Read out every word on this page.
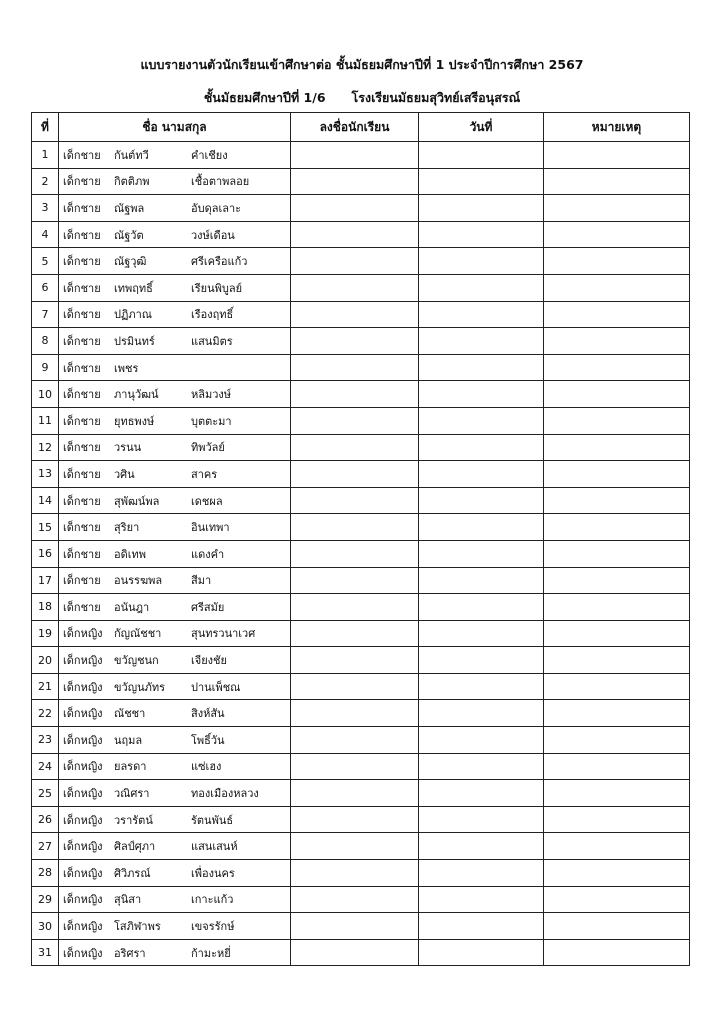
แบบรายงานตัวนักเรียนเข้าศึกษาต่อ ชั้นมัธยมศึกษาปีที่ 1 ประจำปีการศึกษา 2567
ชั้นมัธยมศึกษาปีที่ 1/6 โรงเรียนมัธยมสุวิทย์เสรีอนุสรณ์
ที่	ชื่อ นามสกุล	ลงชื่อนักเรียน	วันที่	หมายเหตุ
1	เด็กชาย กันต์ทวี คำเชียง			

2	เด็กชาย กิตติภพ เชื้อตาพลอย			

3	เด็กชาย ณัฐพล อับดุลเลาะ			

4	เด็กชาย ณัฐวัต วงษ์เดือน			

5	เด็กชาย ณัฐวุฒิ ศรีเครือแก้ว			

6	เด็กชาย เทพฤทธิ์ เรียนพิบูลย์			

7	เด็กชาย ปฏิภาณ เรืองฤทธิ์			

8	เด็กชาย ปรมินทร์ แสนมิตร			

9	เด็กชาย เพชร			

10	เด็กชาย ภานุวัฒน์ หลิมวงษ์			

11	เด็กชาย ยุทธพงษ์ บุตตะมา			

12	เด็กชาย วรนน ทิพวัลย์			

13	เด็กชาย วศิน สาคร			

14	เด็กชาย สุพัฒน์พล เดชผล			

15	เด็กชาย สุริยา อินเทพา			

16	เด็กชาย อดิเทพ แดงคำ			

17	เด็กชาย อนรรฆพล สีมา			

18	เด็กชาย อนันฎา ศรีสมัย			

19	เด็กหญิง กัญณัชชา สุนทรวนาเวศ			

20	เด็กหญิง ขวัญชนก เจียงชัย			

21	เด็กหญิง ขวัญนภัทร ปานเพ็ชณ			

22	เด็กหญิง ณัชชา สิงห์สัน			

23	เด็กหญิง นฤมล โพธิ์วัน			

24	เด็กหญิง ยลรดา แซ่เฮง			

25	เด็กหญิง วณิศรา ทองเมืองหลวง			

26	เด็กหญิง วรารัตน์ รัตนพันธ์			

27	เด็กหญิง ศิลป์ศุภา แสนเสนห์			

28	เด็กหญิง ศิวิภรณ์ เพื่องนคร			

29	เด็กหญิง สุนิสา เกาะแก้ว			

30	เด็กหญิง โสภิฬาพร เขจรรักษ์			

31	เด็กหญิง อริศรา ก้ามะหยี่			
